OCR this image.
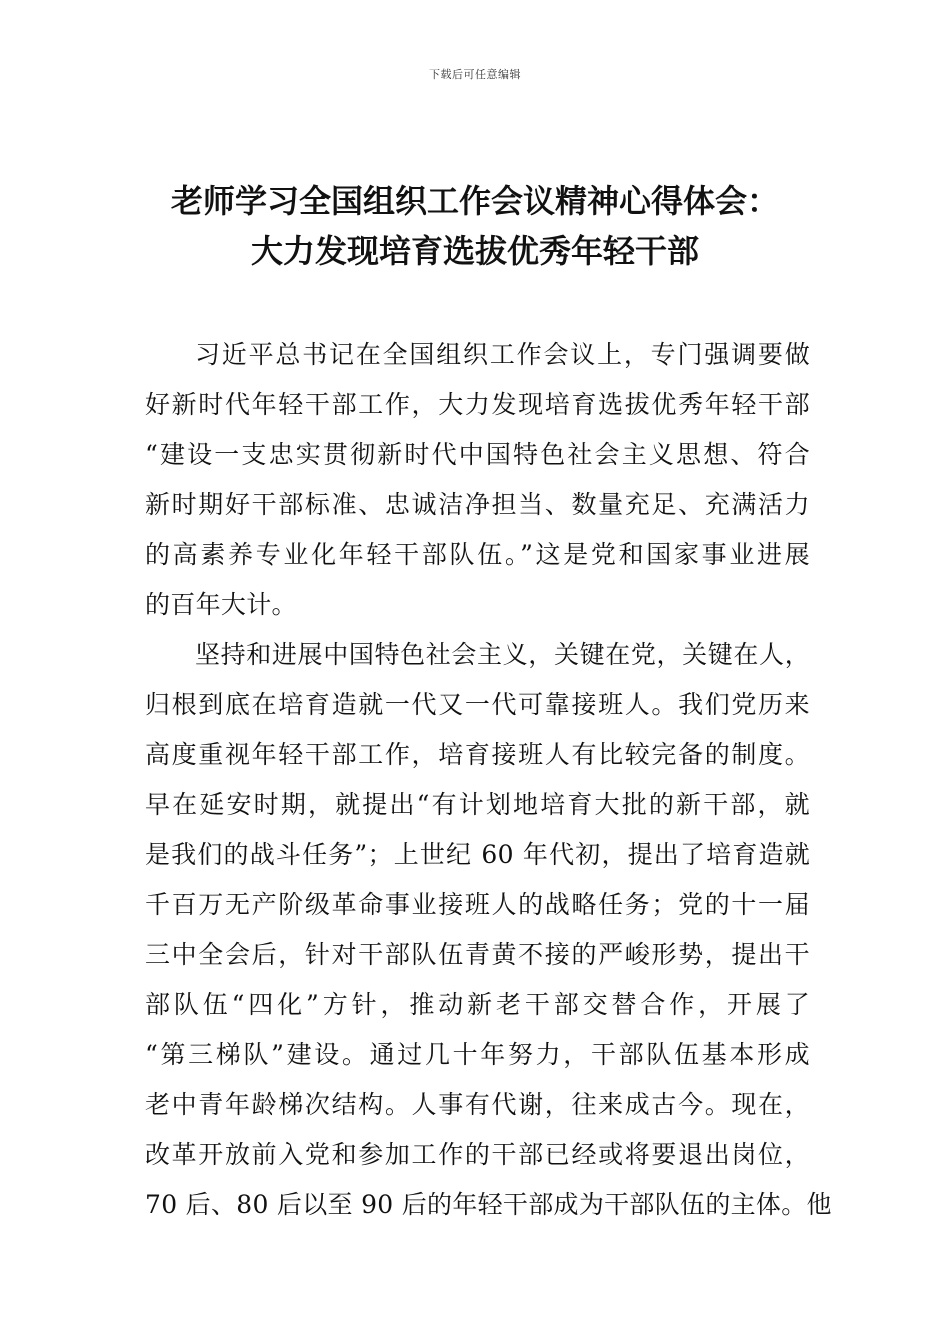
下载后可任意编辑
老师学习全国组织工作会议精神心得体会：
大力发现培育选拔优秀年轻干部
习近平总书记在全国组织工作会议上，专门强调要做
好新时代年轻干部工作，大力发现培育选拔优秀年轻干部
“建设一支忠实贯彻新时代中国特色社会主义思想、符合
新时期好干部标准、忠诚洁净担当、数量充足、充满活力
的高素养专业化年轻干部队伍。”这是党和国家事业进展
的百年大计。
坚持和进展中国特色社会主义，关键在党，关键在人，
归根到底在培育造就一代又一代可靠接班人。我们党历来
高度重视年轻干部工作，培育接班人有比较完备的制度。
早在延安时期，就提出“有计划地培育大批的新干部，就
是我们的战斗任务”；上世纪 60 年代初，提出了培育造就
千百万无产阶级革命事业接班人的战略任务；党的十一届
三中全会后，针对干部队伍青黄不接的严峻形势，提出干
部队伍“四化”方针，推动新老干部交替合作，开展了
“第三梯队”建设。通过几十年努力，干部队伍基本形成
老中青年龄梯次结构。人事有代谢，往来成古今。现在，
改革开放前入党和参加工作的干部已经或将要退出岗位，
70 后、80 后以至 90 后的年轻干部成为干部队伍的主体。他
